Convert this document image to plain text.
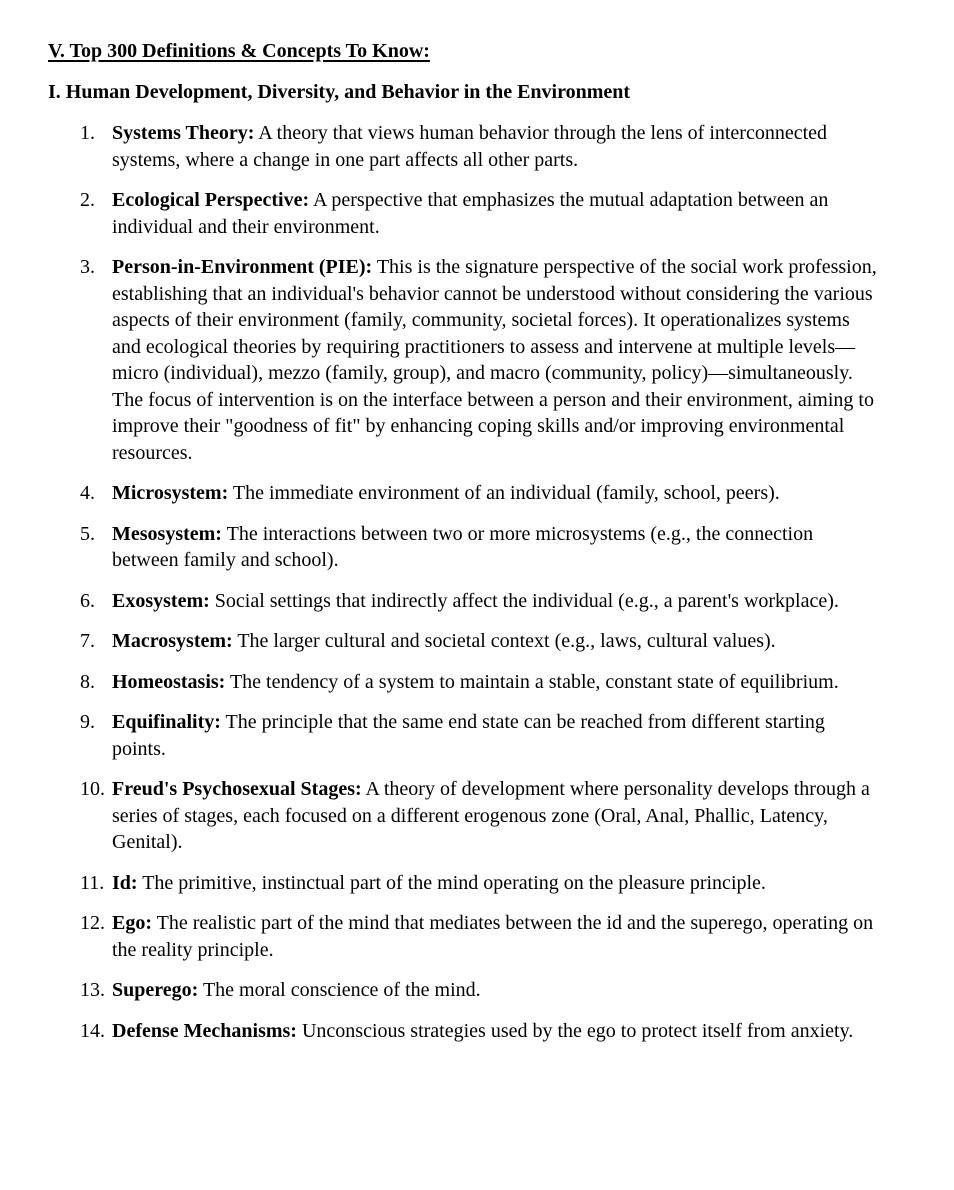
V. Top 300 Definitions & Concepts To Know:
I. Human Development, Diversity, and Behavior in the Environment
1. Systems Theory: A theory that views human behavior through the lens of interconnected systems, where a change in one part affects all other parts.
2. Ecological Perspective: A perspective that emphasizes the mutual adaptation between an individual and their environment.
3. Person-in-Environment (PIE): This is the signature perspective of the social work profession, establishing that an individual's behavior cannot be understood without considering the various aspects of their environment (family, community, societal forces). It operationalizes systems and ecological theories by requiring practitioners to assess and intervene at multiple levels—micro (individual), mezzo (family, group), and macro (community, policy)—simultaneously. The focus of intervention is on the interface between a person and their environment, aiming to improve their "goodness of fit" by enhancing coping skills and/or improving environmental resources.
4. Microsystem: The immediate environment of an individual (family, school, peers).
5. Mesosystem: The interactions between two or more microsystems (e.g., the connection between family and school).
6. Exosystem: Social settings that indirectly affect the individual (e.g., a parent's workplace).
7. Macrosystem: The larger cultural and societal context (e.g., laws, cultural values).
8. Homeostasis: The tendency of a system to maintain a stable, constant state of equilibrium.
9. Equifinality: The principle that the same end state can be reached from different starting points.
10. Freud's Psychosexual Stages: A theory of development where personality develops through a series of stages, each focused on a different erogenous zone (Oral, Anal, Phallic, Latency, Genital).
11. Id: The primitive, instinctual part of the mind operating on the pleasure principle.
12. Ego: The realistic part of the mind that mediates between the id and the superego, operating on the reality principle.
13. Superego: The moral conscience of the mind.
14. Defense Mechanisms: Unconscious strategies used by the ego to protect itself from anxiety.
